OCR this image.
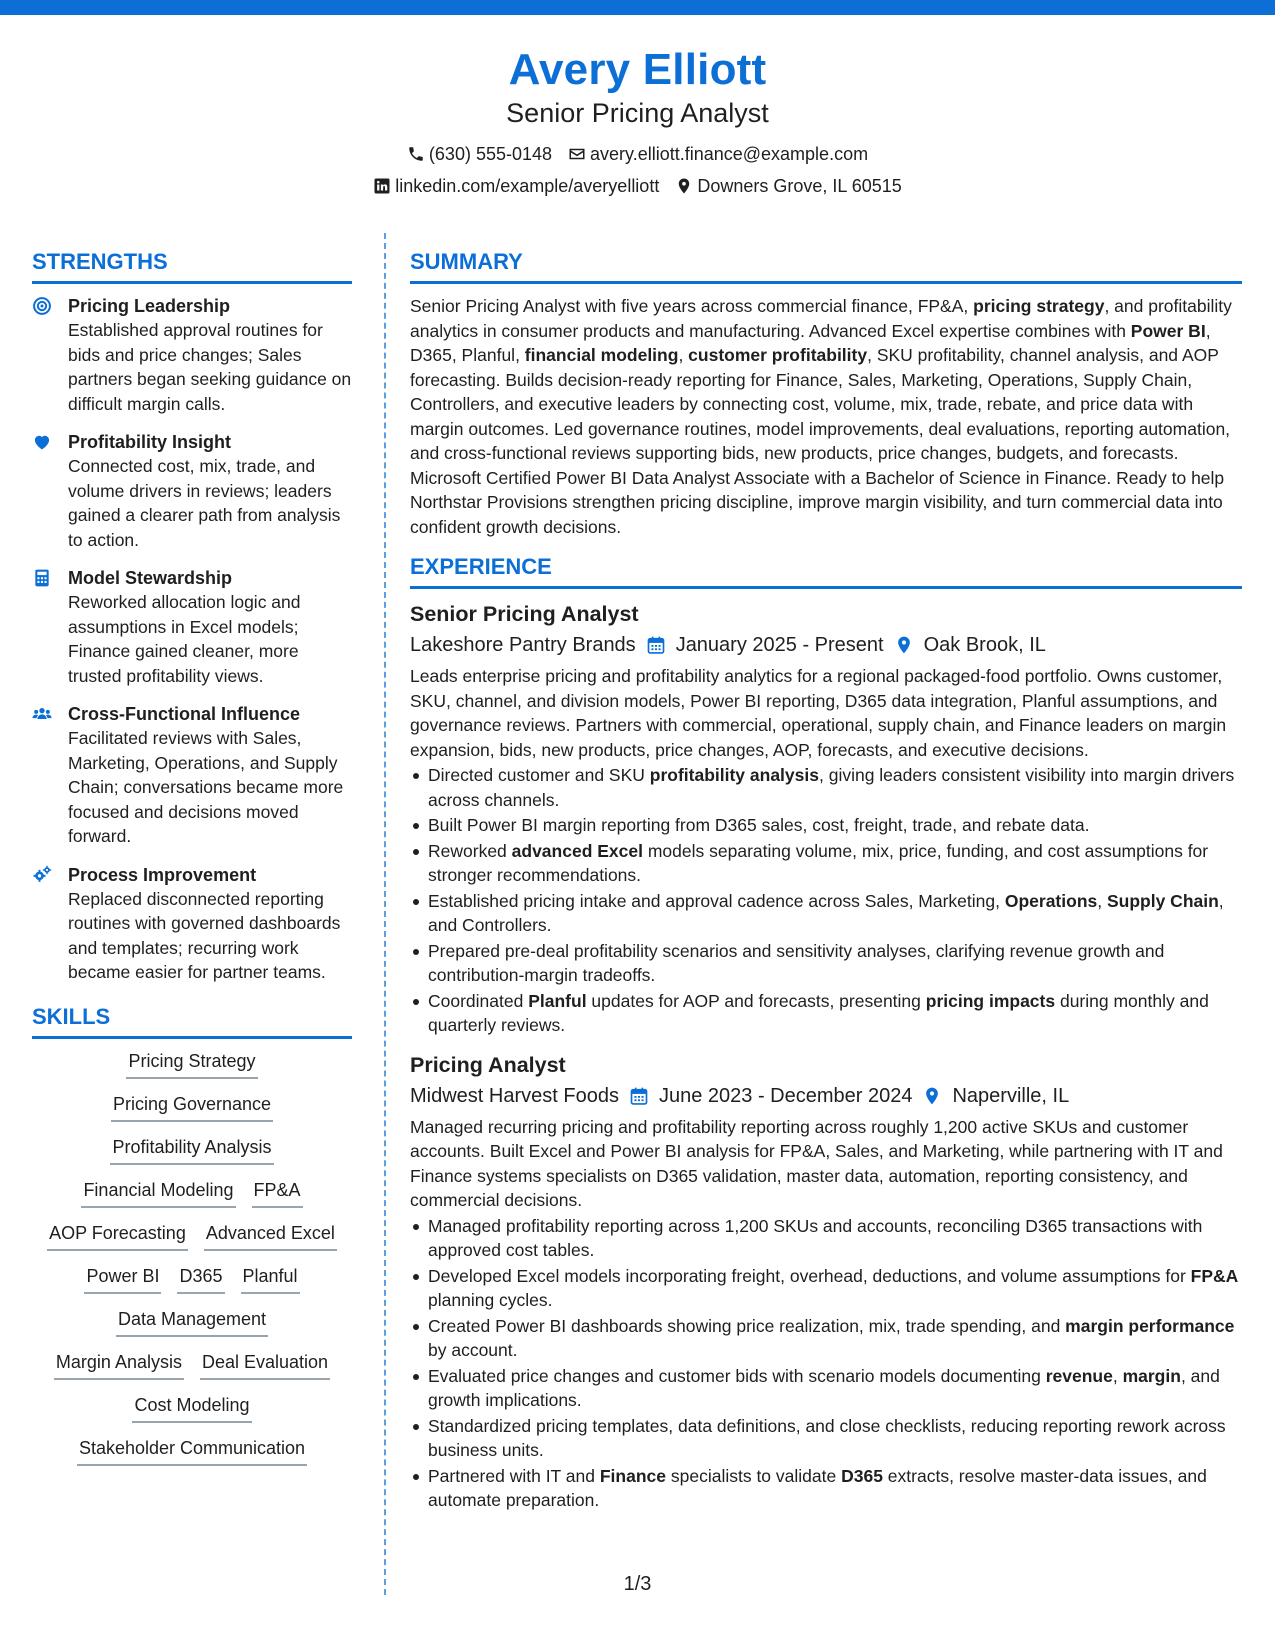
Avery Elliott
Senior Pricing Analyst
(630) 555-0148 avery.elliott.finance@example.com
linkedin.com/example/averyelliott Downers Grove, IL 60515
STRENGTHS
Pricing Leadership
Established approval routines for bids and price changes; Sales partners began seeking guidance on difficult margin calls.
Profitability Insight
Connected cost, mix, trade, and volume drivers in reviews; leaders gained a clearer path from analysis to action.
Model Stewardship
Reworked allocation logic and assumptions in Excel models; Finance gained cleaner, more trusted profitability views.
Cross-Functional Influence
Facilitated reviews with Sales, Marketing, Operations, and Supply Chain; conversations became more focused and decisions moved forward.
Process Improvement
Replaced disconnected reporting routines with governed dashboards and templates; recurring work became easier for partner teams.
SKILLS
Pricing Strategy
Pricing Governance
Profitability Analysis
Financial Modeling FP&A
AOP Forecasting Advanced Excel
Power BI D365 Planful
Data Management
Margin Analysis Deal Evaluation
Cost Modeling
Stakeholder Communication
SUMMARY
Senior Pricing Analyst with five years across commercial finance, FP&A, pricing strategy, and profitability analytics in consumer products and manufacturing. Advanced Excel expertise combines with Power BI, D365, Planful, financial modeling, customer profitability, SKU profitability, channel analysis, and AOP forecasting. Builds decision-ready reporting for Finance, Sales, Marketing, Operations, Supply Chain, Controllers, and executive leaders by connecting cost, volume, mix, trade, rebate, and price data with margin outcomes. Led governance routines, model improvements, deal evaluations, reporting automation, and cross-functional reviews supporting bids, new products, price changes, budgets, and forecasts. Microsoft Certified Power BI Data Analyst Associate with a Bachelor of Science in Finance. Ready to help Northstar Provisions strengthen pricing discipline, improve margin visibility, and turn commercial data into confident growth decisions.
EXPERIENCE
Senior Pricing Analyst
Lakeshore Pantry Brands January 2025 - Present Oak Brook, IL
Leads enterprise pricing and profitability analytics for a regional packaged-food portfolio. Owns customer, SKU, channel, and division models, Power BI reporting, D365 data integration, Planful assumptions, and governance reviews. Partners with commercial, operational, supply chain, and Finance leaders on margin expansion, bids, new products, price changes, AOP, forecasts, and executive decisions.
Directed customer and SKU profitability analysis, giving leaders consistent visibility into margin drivers across channels.
Built Power BI margin reporting from D365 sales, cost, freight, trade, and rebate data.
Reworked advanced Excel models separating volume, mix, price, funding, and cost assumptions for stronger recommendations.
Established pricing intake and approval cadence across Sales, Marketing, Operations, Supply Chain, and Controllers.
Prepared pre-deal profitability scenarios and sensitivity analyses, clarifying revenue growth and contribution-margin tradeoffs.
Coordinated Planful updates for AOP and forecasts, presenting pricing impacts during monthly and quarterly reviews.
Pricing Analyst
Midwest Harvest Foods June 2023 - December 2024 Naperville, IL
Managed recurring pricing and profitability reporting across roughly 1,200 active SKUs and customer accounts. Built Excel and Power BI analysis for FP&A, Sales, and Marketing, while partnering with IT and Finance systems specialists on D365 validation, master data, automation, reporting consistency, and commercial decisions.
Managed profitability reporting across 1,200 SKUs and accounts, reconciling D365 transactions with approved cost tables.
Developed Excel models incorporating freight, overhead, deductions, and volume assumptions for FP&A planning cycles.
Created Power BI dashboards showing price realization, mix, trade spending, and margin performance by account.
Evaluated price changes and customer bids with scenario models documenting revenue, margin, and growth implications.
Standardized pricing templates, data definitions, and close checklists, reducing reporting rework across business units.
Partnered with IT and Finance specialists to validate D365 extracts, resolve master-data issues, and automate preparation.
1/3
